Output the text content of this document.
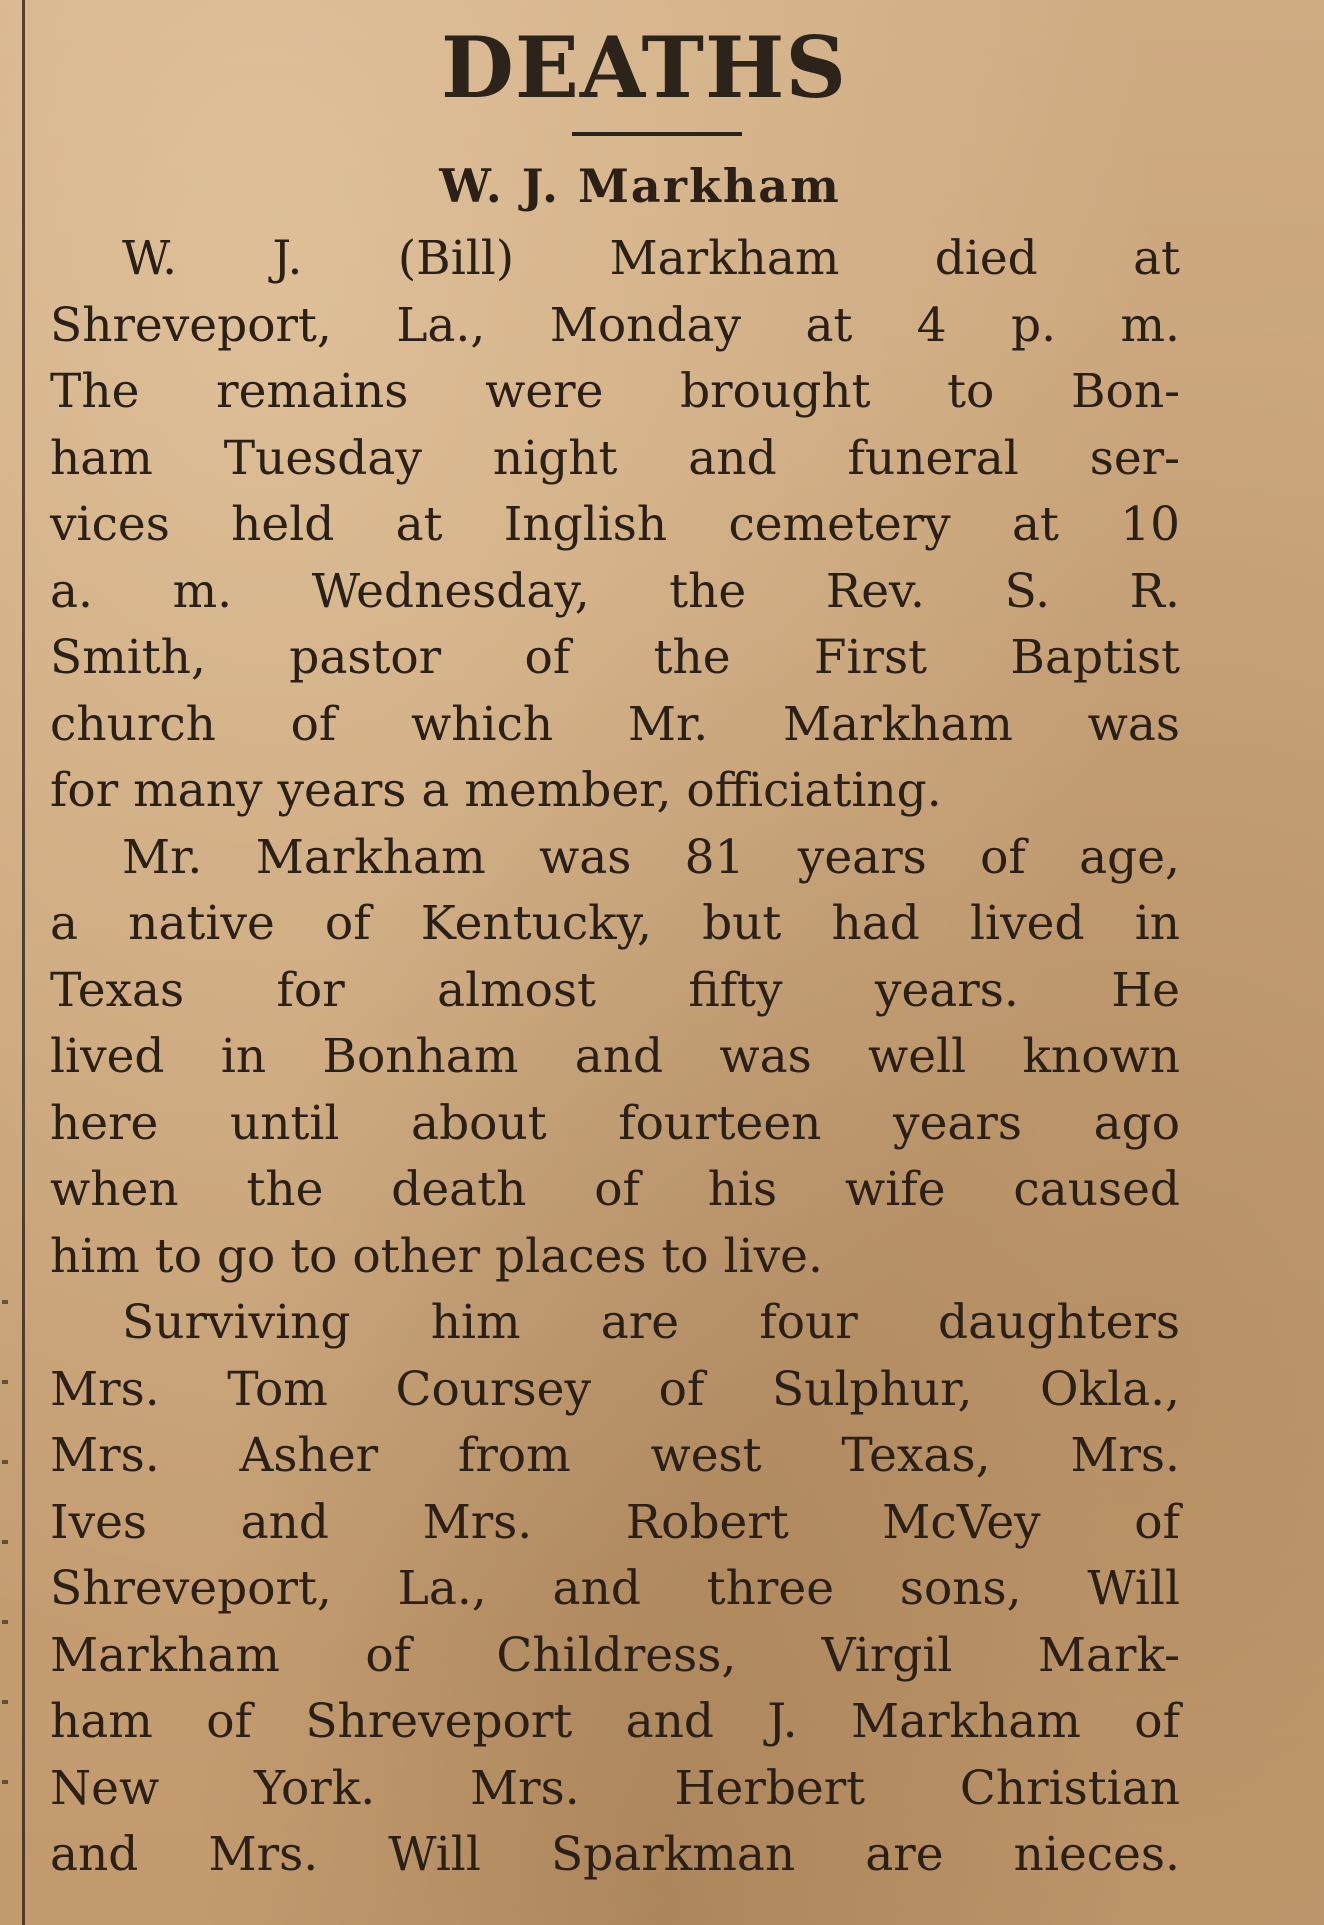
DEATHS
W. J. Markham
W. J. (Bill) Markham died at
Shreveport, La., Monday at 4 p. m.
The remains were brought to Bon-
ham Tuesday night and funeral ser-
vices held at Inglish cemetery at 10
a. m. Wednesday, the Rev. S. R.
Smith, pastor of the First Baptist
church of which Mr. Markham was
for many years a member, officiating.
Mr. Markham was 81 years of age,
a native of Kentucky, but had lived in
Texas for almost fifty years. He
lived in Bonham and was well known
here until about fourteen years ago
when the death of his wife caused
him to go to other places to live.
Surviving him are four daughters
Mrs. Tom Coursey of Sulphur, Okla.,
Mrs. Asher from west Texas, Mrs.
Ives and Mrs. Robert McVey of
Shreveport, La., and three sons, Will
Markham of Childress, Virgil Mark-
ham of Shreveport and J. Markham of
New York. Mrs. Herbert Christian
and Mrs. Will Sparkman are nieces.
